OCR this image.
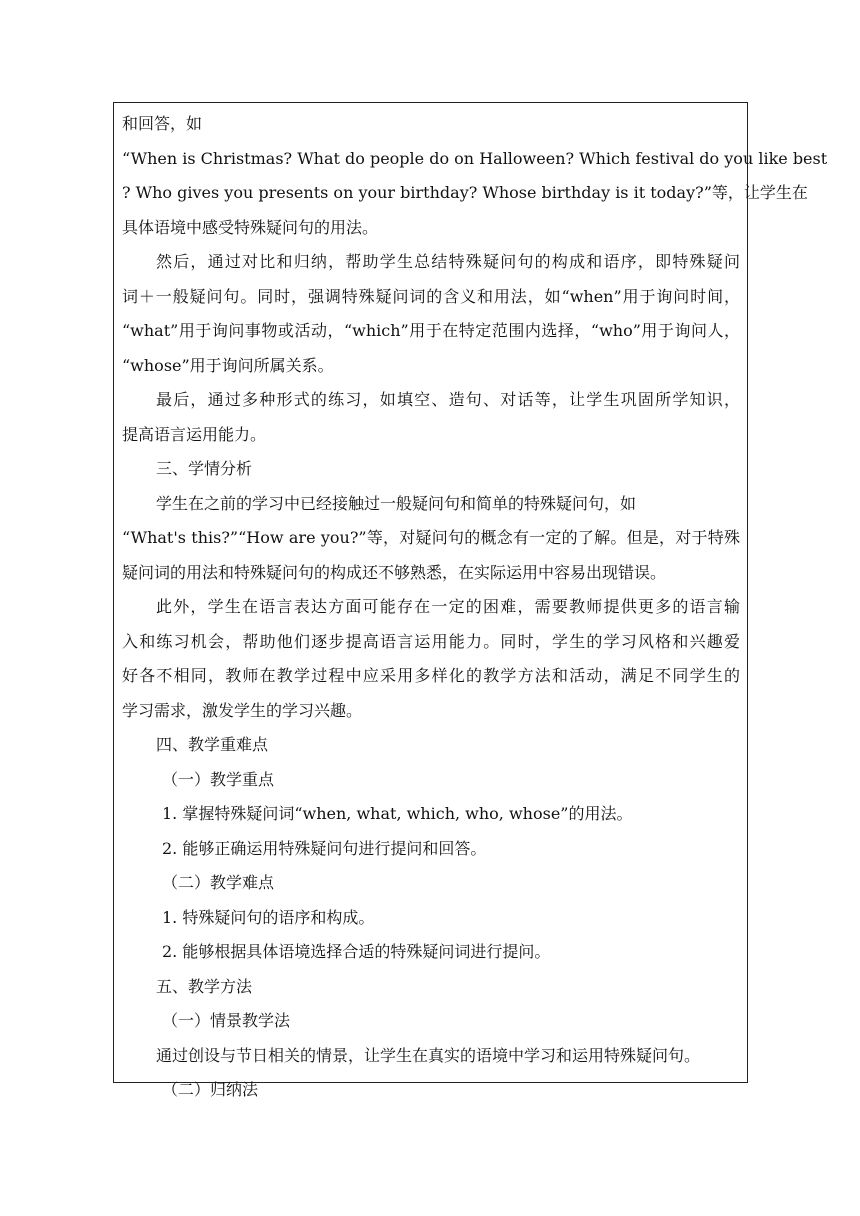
和回答，如

“When is Christmas? What do people do on Halloween? Which festival do you like best

? Who gives you presents on your birthday? Whose birthday is it today?”等，让学生在

具体语境中感受特殊疑问句的用法。

然后，通过对比和归纳，帮助学生总结特殊疑问句的构成和语序，即特殊疑问

词＋一般疑问句。同时，强调特殊疑问词的含义和用法，如“when”用于询问时间，

“what”用于询问事物或活动，“which”用于在特定范围内选择，“who”用于询问人，

“whose”用于询问所属关系。

最后，通过多种形式的练习，如填空、造句、对话等，让学生巩固所学知识，

提高语言运用能力。

三、学情分析

学生在之前的学习中已经接触过一般疑问句和简单的特殊疑问句，如

“What's this?”“How are you?”等，对疑问句的概念有一定的了解。但是，对于特殊

疑问词的用法和特殊疑问句的构成还不够熟悉，在实际运用中容易出现错误。

此外，学生在语言表达方面可能存在一定的困难，需要教师提供更多的语言输

入和练习机会，帮助他们逐步提高语言运用能力。同时，学生的学习风格和兴趣爱

好各不相同，教师在教学过程中应采用多样化的教学方法和活动，满足不同学生的

学习需求，激发学生的学习兴趣。

四、教学重难点

（一）教学重点

1. 掌握特殊疑问词“when, what, which, who, whose”的用法。

2. 能够正确运用特殊疑问句进行提问和回答。

（二）教学难点

1. 特殊疑问句的语序和构成。

2. 能够根据具体语境选择合适的特殊疑问词进行提问。

五、教学方法

（一）情景教学法

通过创设与节日相关的情景，让学生在真实的语境中学习和运用特殊疑问句。

（二）归纳法
